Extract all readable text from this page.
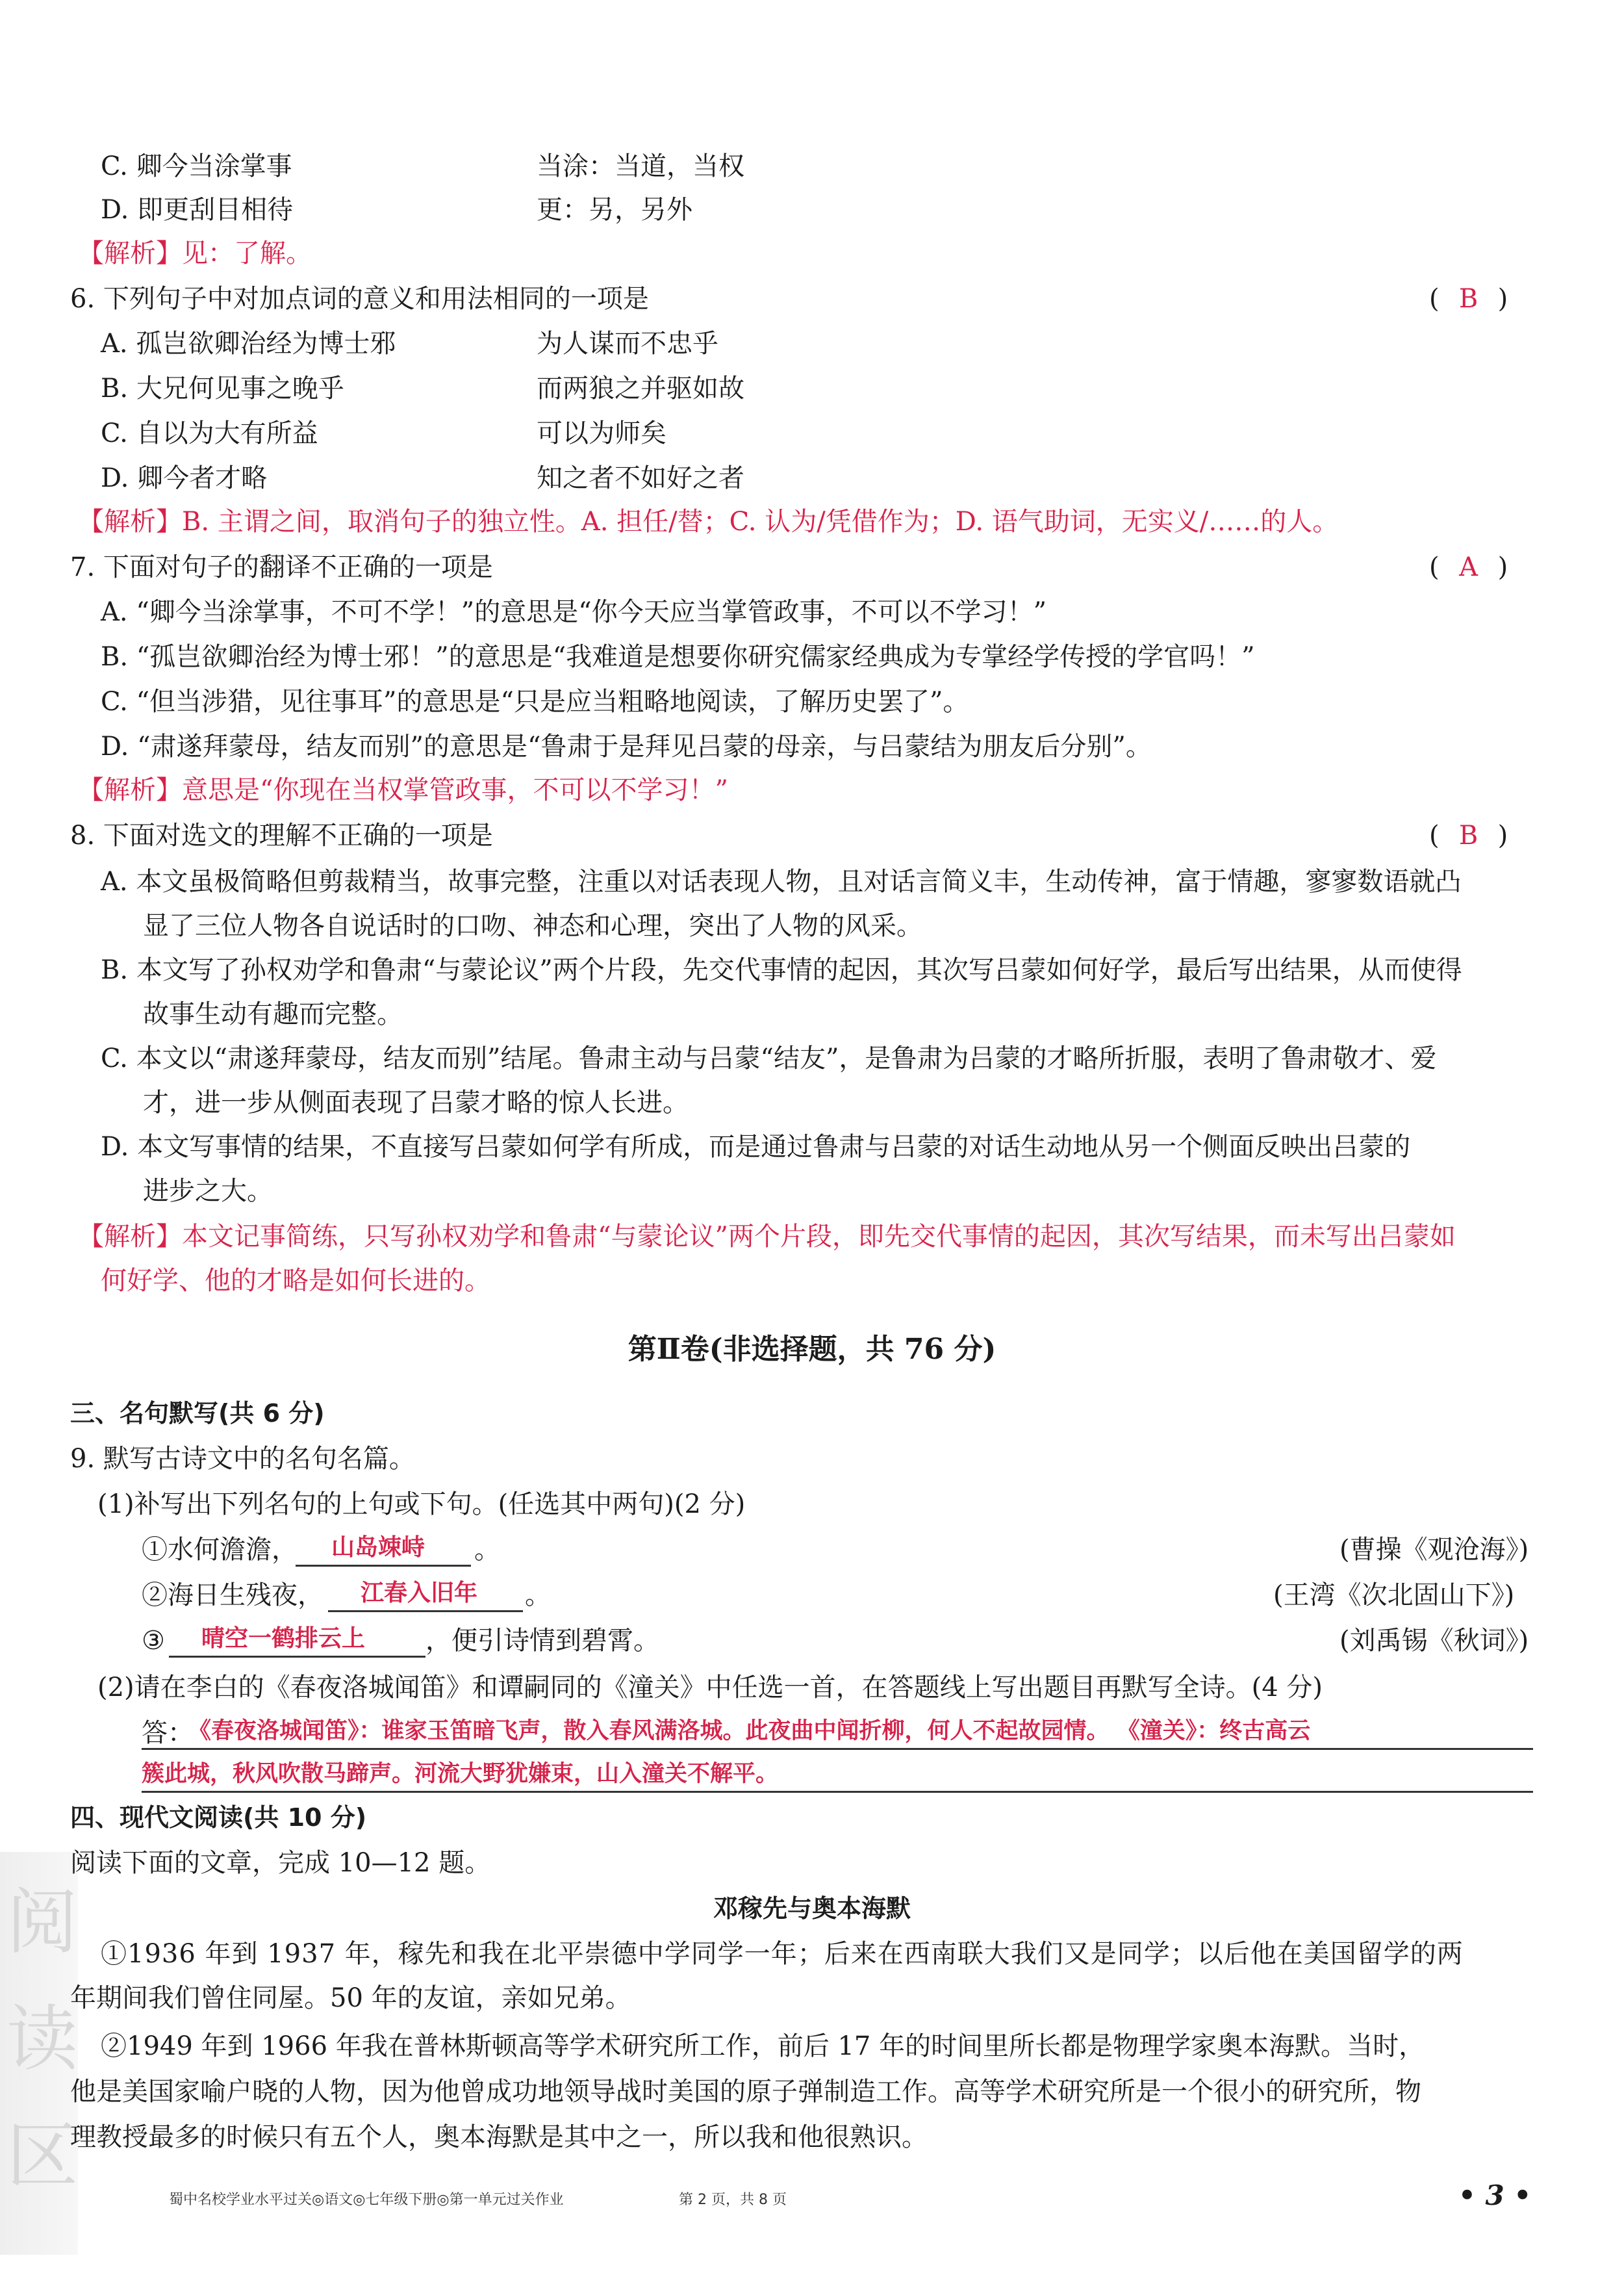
阅
读
区
C. 卿今当涂掌事	当涂：当道，当权
D. 即更刮目相待	更：另，另外
【解析】见：了解。
6. 下列句子中对加点词的意义和用法相同的一项是	( B )
A. 孤岂欲卿治经为博士邪	为人谋而不忠乎
B. 大兄何见事之晚乎	而两狼之并驱如故
C. 自以为大有所益	可以为师矣
D. 卿今者才略	知之者不如好之者
【解析】B. 主谓之间，取消句子的独立性。A. 担任/替；C. 认为/凭借作为；D. 语气助词，无实义/……的人。
7. 下面对句子的翻译不正确的一项是	( A )
A. “卿今当涂掌事，不可不学！”的意思是“你今天应当掌管政事，不可以不学习！”
B. “孤岂欲卿治经为博士邪！”的意思是“我难道是想要你研究儒家经典成为专掌经学传授的学官吗！”
C. “但当涉猎，见往事耳”的意思是“只是应当粗略地阅读，了解历史罢了”。
D. “肃遂拜蒙母，结友而别”的意思是“鲁肃于是拜见吕蒙的母亲，与吕蒙结为朋友后分别”。
【解析】意思是“你现在当权掌管政事，不可以不学习！”
8. 下面对选文的理解不正确的一项是	( B )
A. 本文虽极简略但剪裁精当，故事完整，注重以对话表现人物，且对话言简义丰，生动传神，富于情趣，寥寥数语就凸
显了三位人物各自说话时的口吻、神态和心理，突出了人物的风采。
B. 本文写了孙权劝学和鲁肃“与蒙论议”两个片段，先交代事情的起因，其次写吕蒙如何好学，最后写出结果，从而使得
故事生动有趣而完整。
C. 本文以“肃遂拜蒙母，结友而别”结尾。鲁肃主动与吕蒙“结友”，是鲁肃为吕蒙的才略所折服，表明了鲁肃敬才、爱
才，进一步从侧面表现了吕蒙才略的惊人长进。
D. 本文写事情的结果，不直接写吕蒙如何学有所成，而是通过鲁肃与吕蒙的对话生动地从另一个侧面反映出吕蒙的
进步之大。
【解析】本文记事简练，只写孙权劝学和鲁肃“与蒙论议”两个片段，即先交代事情的起因，其次写结果，而未写出吕蒙如
何好学、他的才略是如何长进的。
第Ⅱ卷(非选择题，共 76 分)
三、名句默写(共 6 分)
9. 默写古诗文中的名句名篇。
(1)补写出下列名句的上句或下句。(任选其中两句)(2 分)
①水何澹澹， 山岛竦峙 。	(曹操《观沧海》)
②海日生残夜， 江春入旧年 。	(王湾《次北固山下》)
③ 晴空一鹤排云上 ，便引诗情到碧霄。	(刘禹锡《秋词》)
(2)请在李白的《春夜洛城闻笛》和谭嗣同的《潼关》中任选一首，在答题线上写出题目再默写全诗。(4 分)
答：
《春夜洛城闻笛》：谁家玉笛暗飞声，散入春风满洛城。此夜曲中闻折柳，何人不起故园情。 《潼关》：终古高云
簇此城，秋风吹散马蹄声。河流大野犹嫌束，山入潼关不解平。
四、现代文阅读(共 10 分)
阅读下面的文章，完成 10—12 题。
邓稼先与奥本海默
①1936 年到 1937 年，稼先和我在北平崇德中学同学一年；后来在西南联大我们又是同学；以后他在美国留学的两
年期间我们曾住同屋。50 年的友谊，亲如兄弟。
②1949 年到 1966 年我在普林斯顿高等学术研究所工作，前后 17 年的时间里所长都是物理学家奥本海默。当时，
他是美国家喻户晓的人物，因为他曾成功地领导战时美国的原子弹制造工作。高等学术研究所是一个很小的研究所，物
理教授最多的时候只有五个人，奥本海默是其中之一，所以我和他很熟识。
蜀中名校学业水平过关◎语文◎七年级下册◎第一单元过关作业	第 2 页，共 8 页	• 3 •
